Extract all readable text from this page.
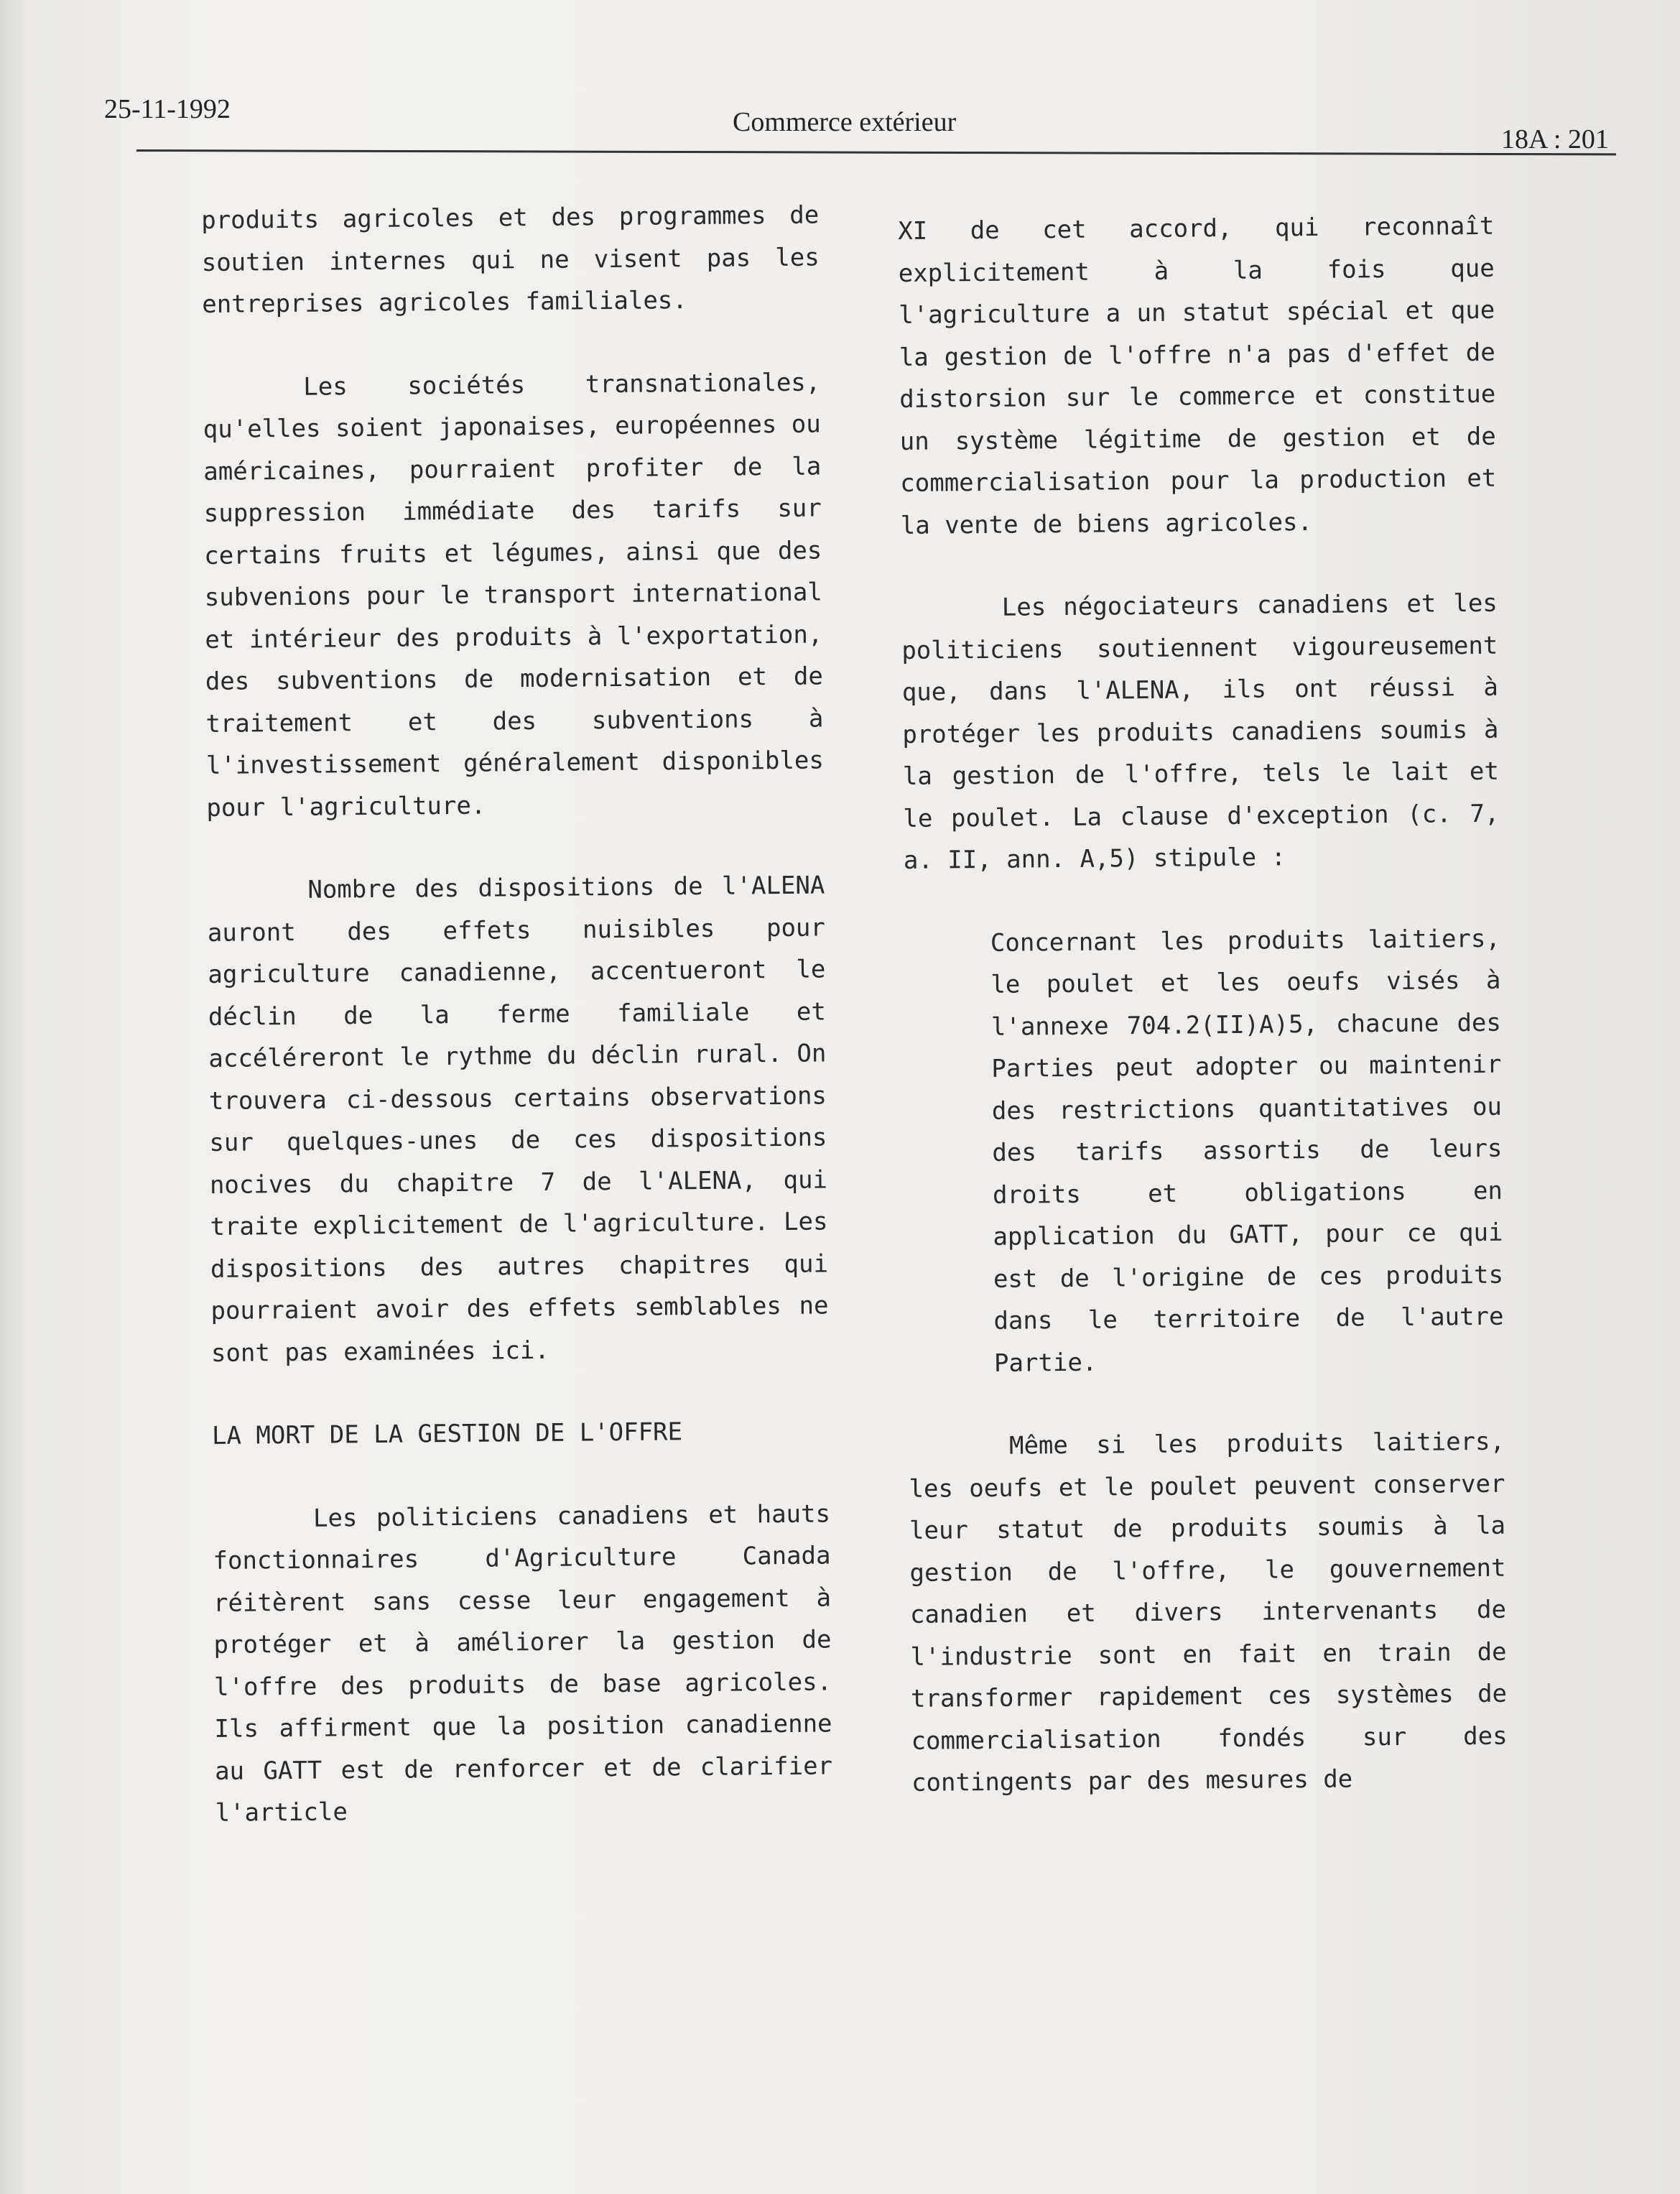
25-11-1992	Commerce extérieur
18A : 201

produits agricoles et des programmes de soutien internes qui ne visent pas les entreprises agricoles familiales.

Les sociétés transnationales, qu'elles soient japonaises, européennes ou américaines, pourraient profiter de la suppression immédiate des tarifs sur certains fruits et légumes, ainsi que des subvenions pour le transport international et intérieur des produits à l'exportation, des subventions de modernisation et de traitement et des subventions à l'investissement généralement disponibles pour l'agriculture.

Nombre des dispositions de l'ALENA auront des effets nuisibles pour agriculture canadienne, accentueront le déclin de la ferme familiale et accéléreront le rythme du déclin rural. On trouvera ci-dessous certains observations sur quelques-unes de ces dispositions nocives du chapitre 7 de l'ALENA, qui traite explicitement de l'agriculture. Les dispositions des autres chapitres qui pourraient avoir des effets semblables ne sont pas examinées ici.

LA MORT DE LA GESTION DE L'OFFRE

Les politiciens canadiens et hauts fonctionnaires d'Agriculture Canada réitèrent sans cesse leur engagement à protéger et à améliorer la gestion de l'offre des produits de base agricoles. Ils affirment que la position canadienne au GATT est de renforcer et de clarifier l'article

XI de cet accord, qui reconnaît explicitement à la fois que l'agriculture a un statut spécial et que la gestion de l'offre n'a pas d'effet de distorsion sur le commerce et constitue un système légitime de gestion et de commercialisation pour la production et la vente de biens agricoles.

Les négociateurs canadiens et les politiciens soutiennent vigoureusement que, dans l'ALENA, ils ont réussi à protéger les produits canadiens soumis à la gestion de l'offre, tels le lait et le poulet. La clause d'exception (c. 7, a. II, ann. A,5) stipule :

Concernant les produits laitiers, le poulet et les oeufs visés à l'annexe 704.2(II)A)5, chacune des Parties peut adopter ou maintenir des restrictions quantitatives ou des tarifs assortis de leurs droits et obligations en application du GATT, pour ce qui est de l'origine de ces produits dans le territoire de l'autre Partie.

Même si les produits laitiers, les oeufs et le poulet peuvent conserver leur statut de produits soumis à la gestion de l'offre, le gouvernement canadien et divers intervenants de l'industrie sont en fait en train de transformer rapidement ces systèmes de commercialisation fondés sur des contingents par des mesures de
